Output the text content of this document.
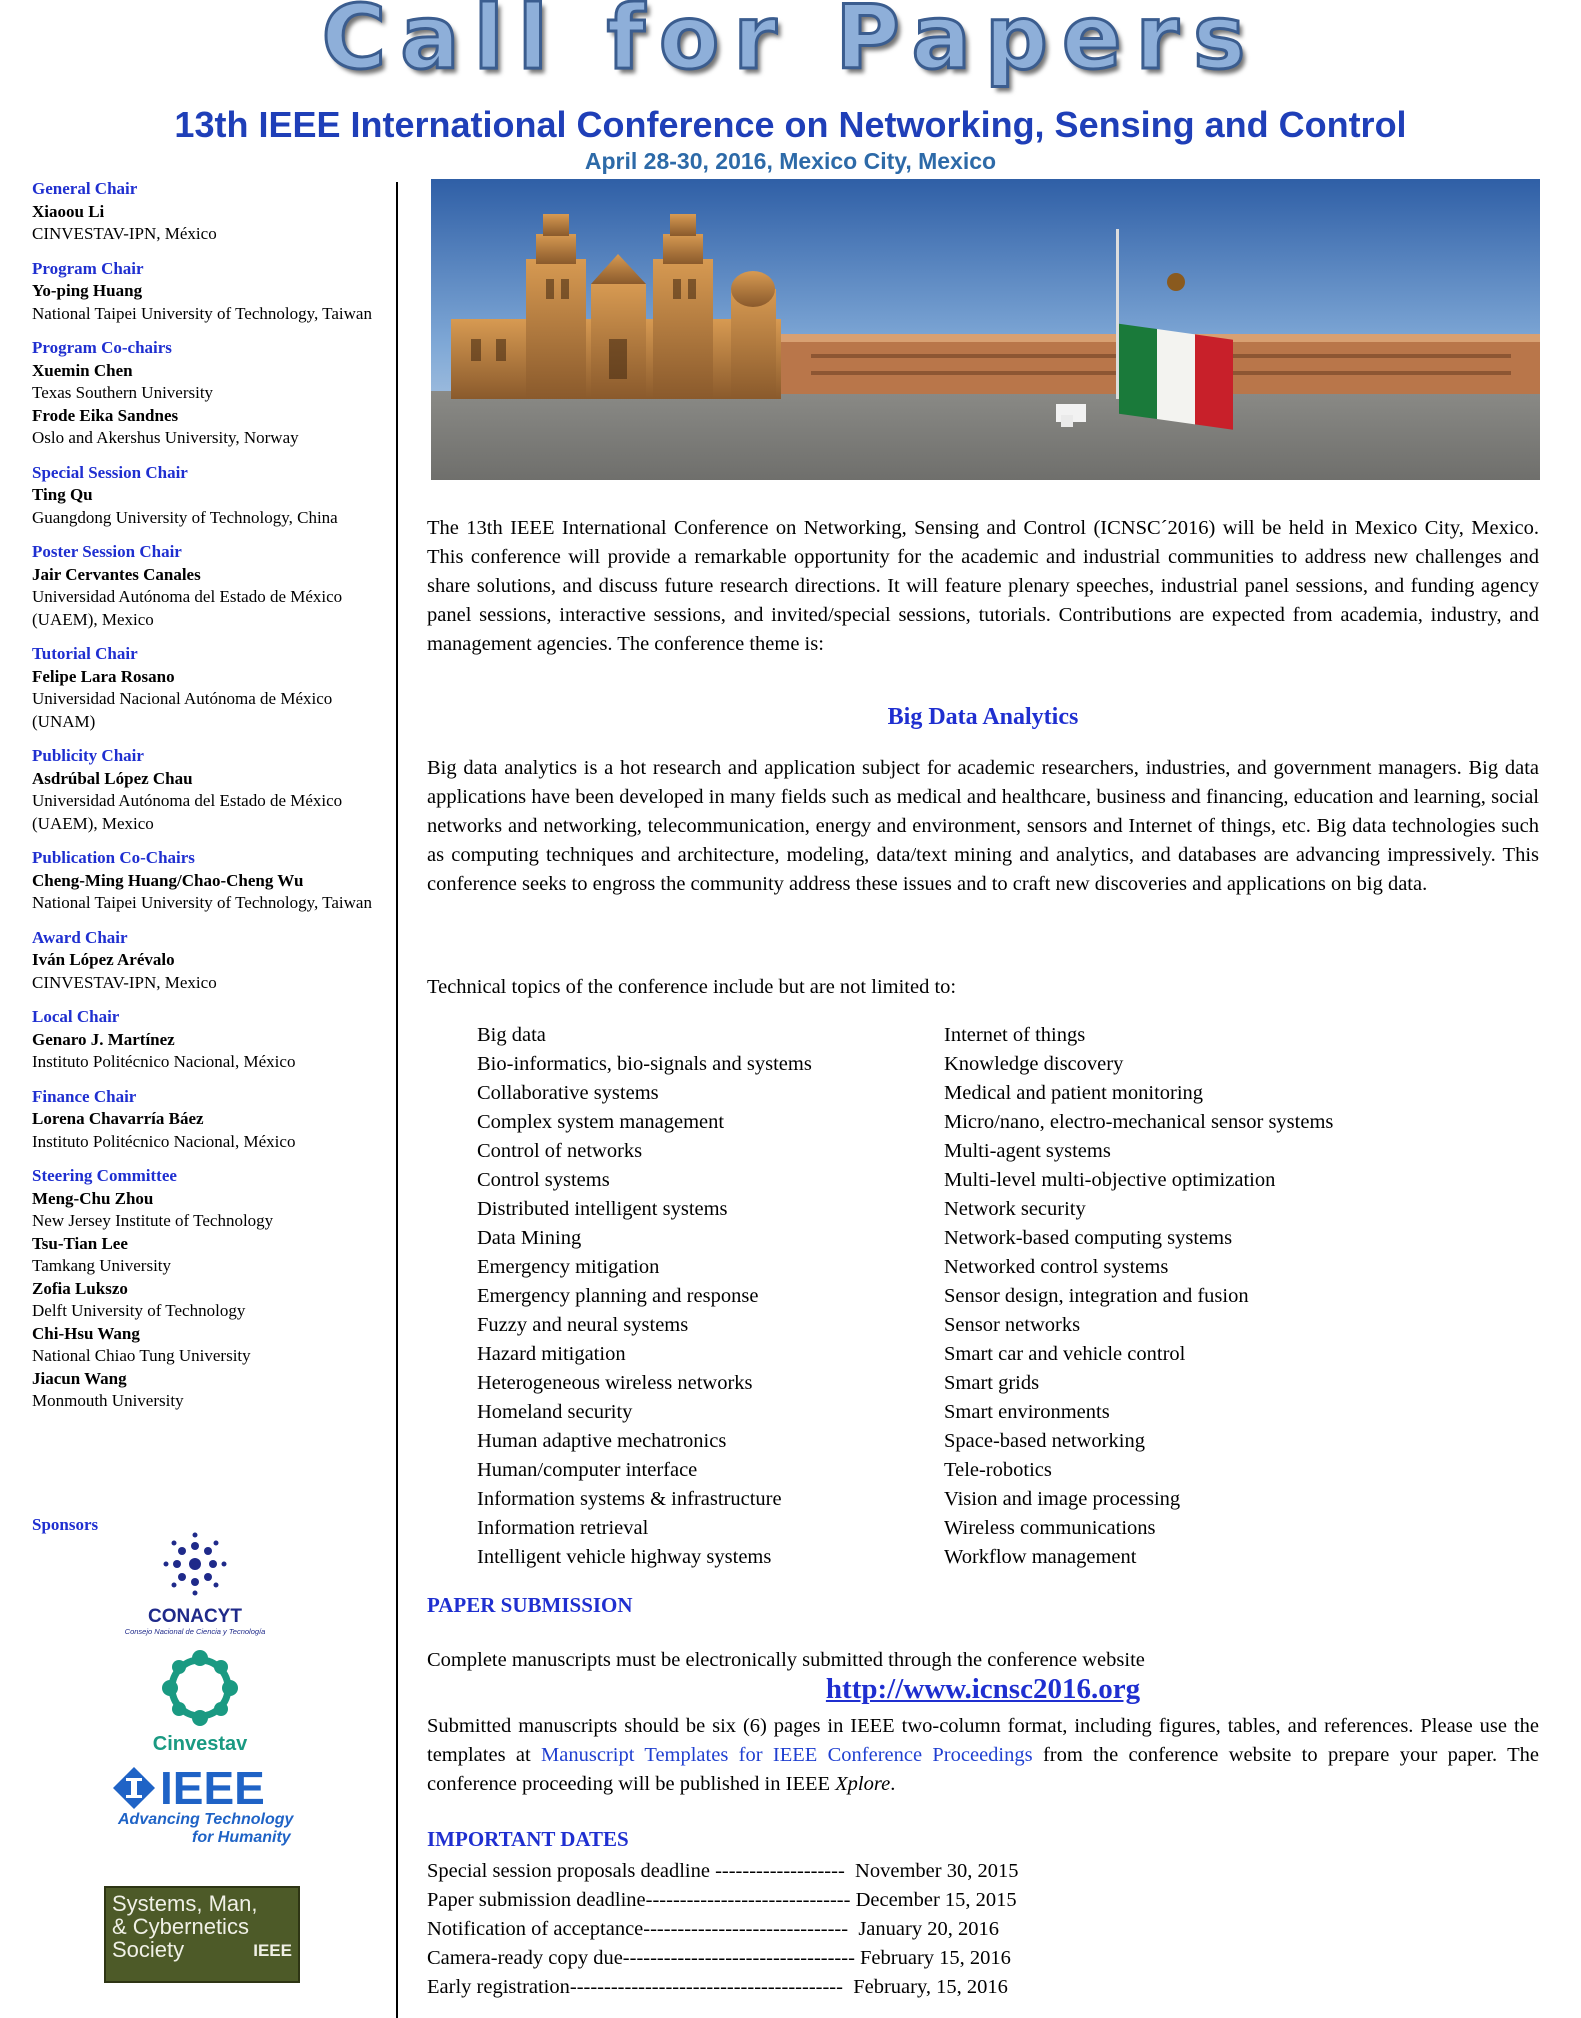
Call for Papers
13th IEEE International Conference on Networking, Sensing and Control
April 28-30, 2016, Mexico City, Mexico
General Chair
Xiaoou Li
CINVESTAV-IPN, México
Program Chair
Yo-ping Huang
National Taipei University of Technology, Taiwan
Program Co-chairs
Xuemin Chen
Texas Southern University
Frode Eika Sandnes
Oslo and Akershus University, Norway
Special Session Chair
Ting Qu
Guangdong University of Technology, China
Poster Session Chair
Jair Cervantes Canales
Universidad Autónoma del Estado de México (UAEM), Mexico
Tutorial Chair
Felipe Lara Rosano
Universidad Nacional Autónoma de México (UNAM)
Publicity Chair
Asdrúbal López Chau
Universidad Autónoma del Estado de México (UAEM), Mexico
Publication Co-Chairs
Cheng-Ming Huang/Chao-Cheng Wu
National Taipei University of Technology, Taiwan
Award Chair
Iván López Arévalo
CINVESTAV-IPN, Mexico
Local Chair
Genaro J. Martínez
Instituto Politécnico Nacional, México
Finance Chair
Lorena Chavarría Báez
Instituto Politécnico Nacional, México
Steering Committee
Meng-Chu Zhou
New Jersey Institute of Technology
Tsu-Tian Lee
Tamkang University
Zofia Lukszo
Delft University of Technology
Chi-Hsu Wang
National Chiao Tung University
Jiacun Wang
Monmouth University
The 13th IEEE International Conference on Networking, Sensing and Control (ICNSC´2016) will be held in Mexico City, Mexico. This conference will provide a remarkable opportunity for the academic and industrial communities to address new challenges and share solutions, and discuss future research directions. It will feature plenary speeches, industrial panel sessions, and funding agency panel sessions, interactive sessions, and invited/special sessions, tutorials. Contributions are expected from academia, industry, and management agencies. The conference theme is:
Big Data Analytics
Big data analytics is a hot research and application subject for academic researchers, industries, and government managers. Big data applications have been developed in many fields such as medical and healthcare, business and financing, education and learning, social networks and networking, telecommunication, energy and environment, sensors and Internet of things, etc. Big data technologies such as computing techniques and architecture, modeling, data/text mining and analytics, and databases are advancing impressively. This conference seeks to engross the community address these issues and to craft new discoveries and applications on big data.
Technical topics of the conference include but are not limited to:
Big data
Bio-informatics, bio-signals and systems
Collaborative systems
Complex system management
Control of networks
Control systems
Distributed intelligent systems
Data Mining
Emergency mitigation
Emergency planning and response
Fuzzy and neural systems
Hazard mitigation
Heterogeneous wireless networks
Homeland security
Human adaptive mechatronics
Human/computer interface
Information systems & infrastructure
Information retrieval
Intelligent vehicle highway systems
Internet of things
Knowledge discovery
Medical and patient monitoring
Micro/nano, electro-mechanical sensor systems
Multi-agent systems
Multi-level multi-objective optimization
Network security
Network-based computing systems
Networked control systems
Sensor design, integration and fusion
Sensor networks
Smart car and vehicle control
Smart grids
Smart environments
Space-based networking
Tele-robotics
Vision and image processing
Wireless communications
Workflow management
PAPER SUBMISSION
Complete manuscripts must be electronically submitted through the conference website
http://www.icnsc2016.org
Submitted manuscripts should be six (6) pages in IEEE two-column format, including figures, tables, and references. Please use the templates at Manuscript Templates for IEEE Conference Proceedings from the conference website to prepare your paper. The conference proceeding will be published in IEEE Xplore.
IMPORTANT DATES
Special session proposals deadline -------------------  November 30, 2015
Paper submission deadline------------------------------ December 15, 2015
Notification of acceptance------------------------------  January 20, 2016
Camera-ready copy due---------------------------------- February 15, 2016
Early registration----------------------------------------  February, 15, 2016
Sponsors
CONACYT
Consejo Nacional de Ciencia y Tecnología
Cinvestav
IEEE
Advancing Technology
for Humanity
Systems, Man,
& Cybernetics
Society	IEEE
